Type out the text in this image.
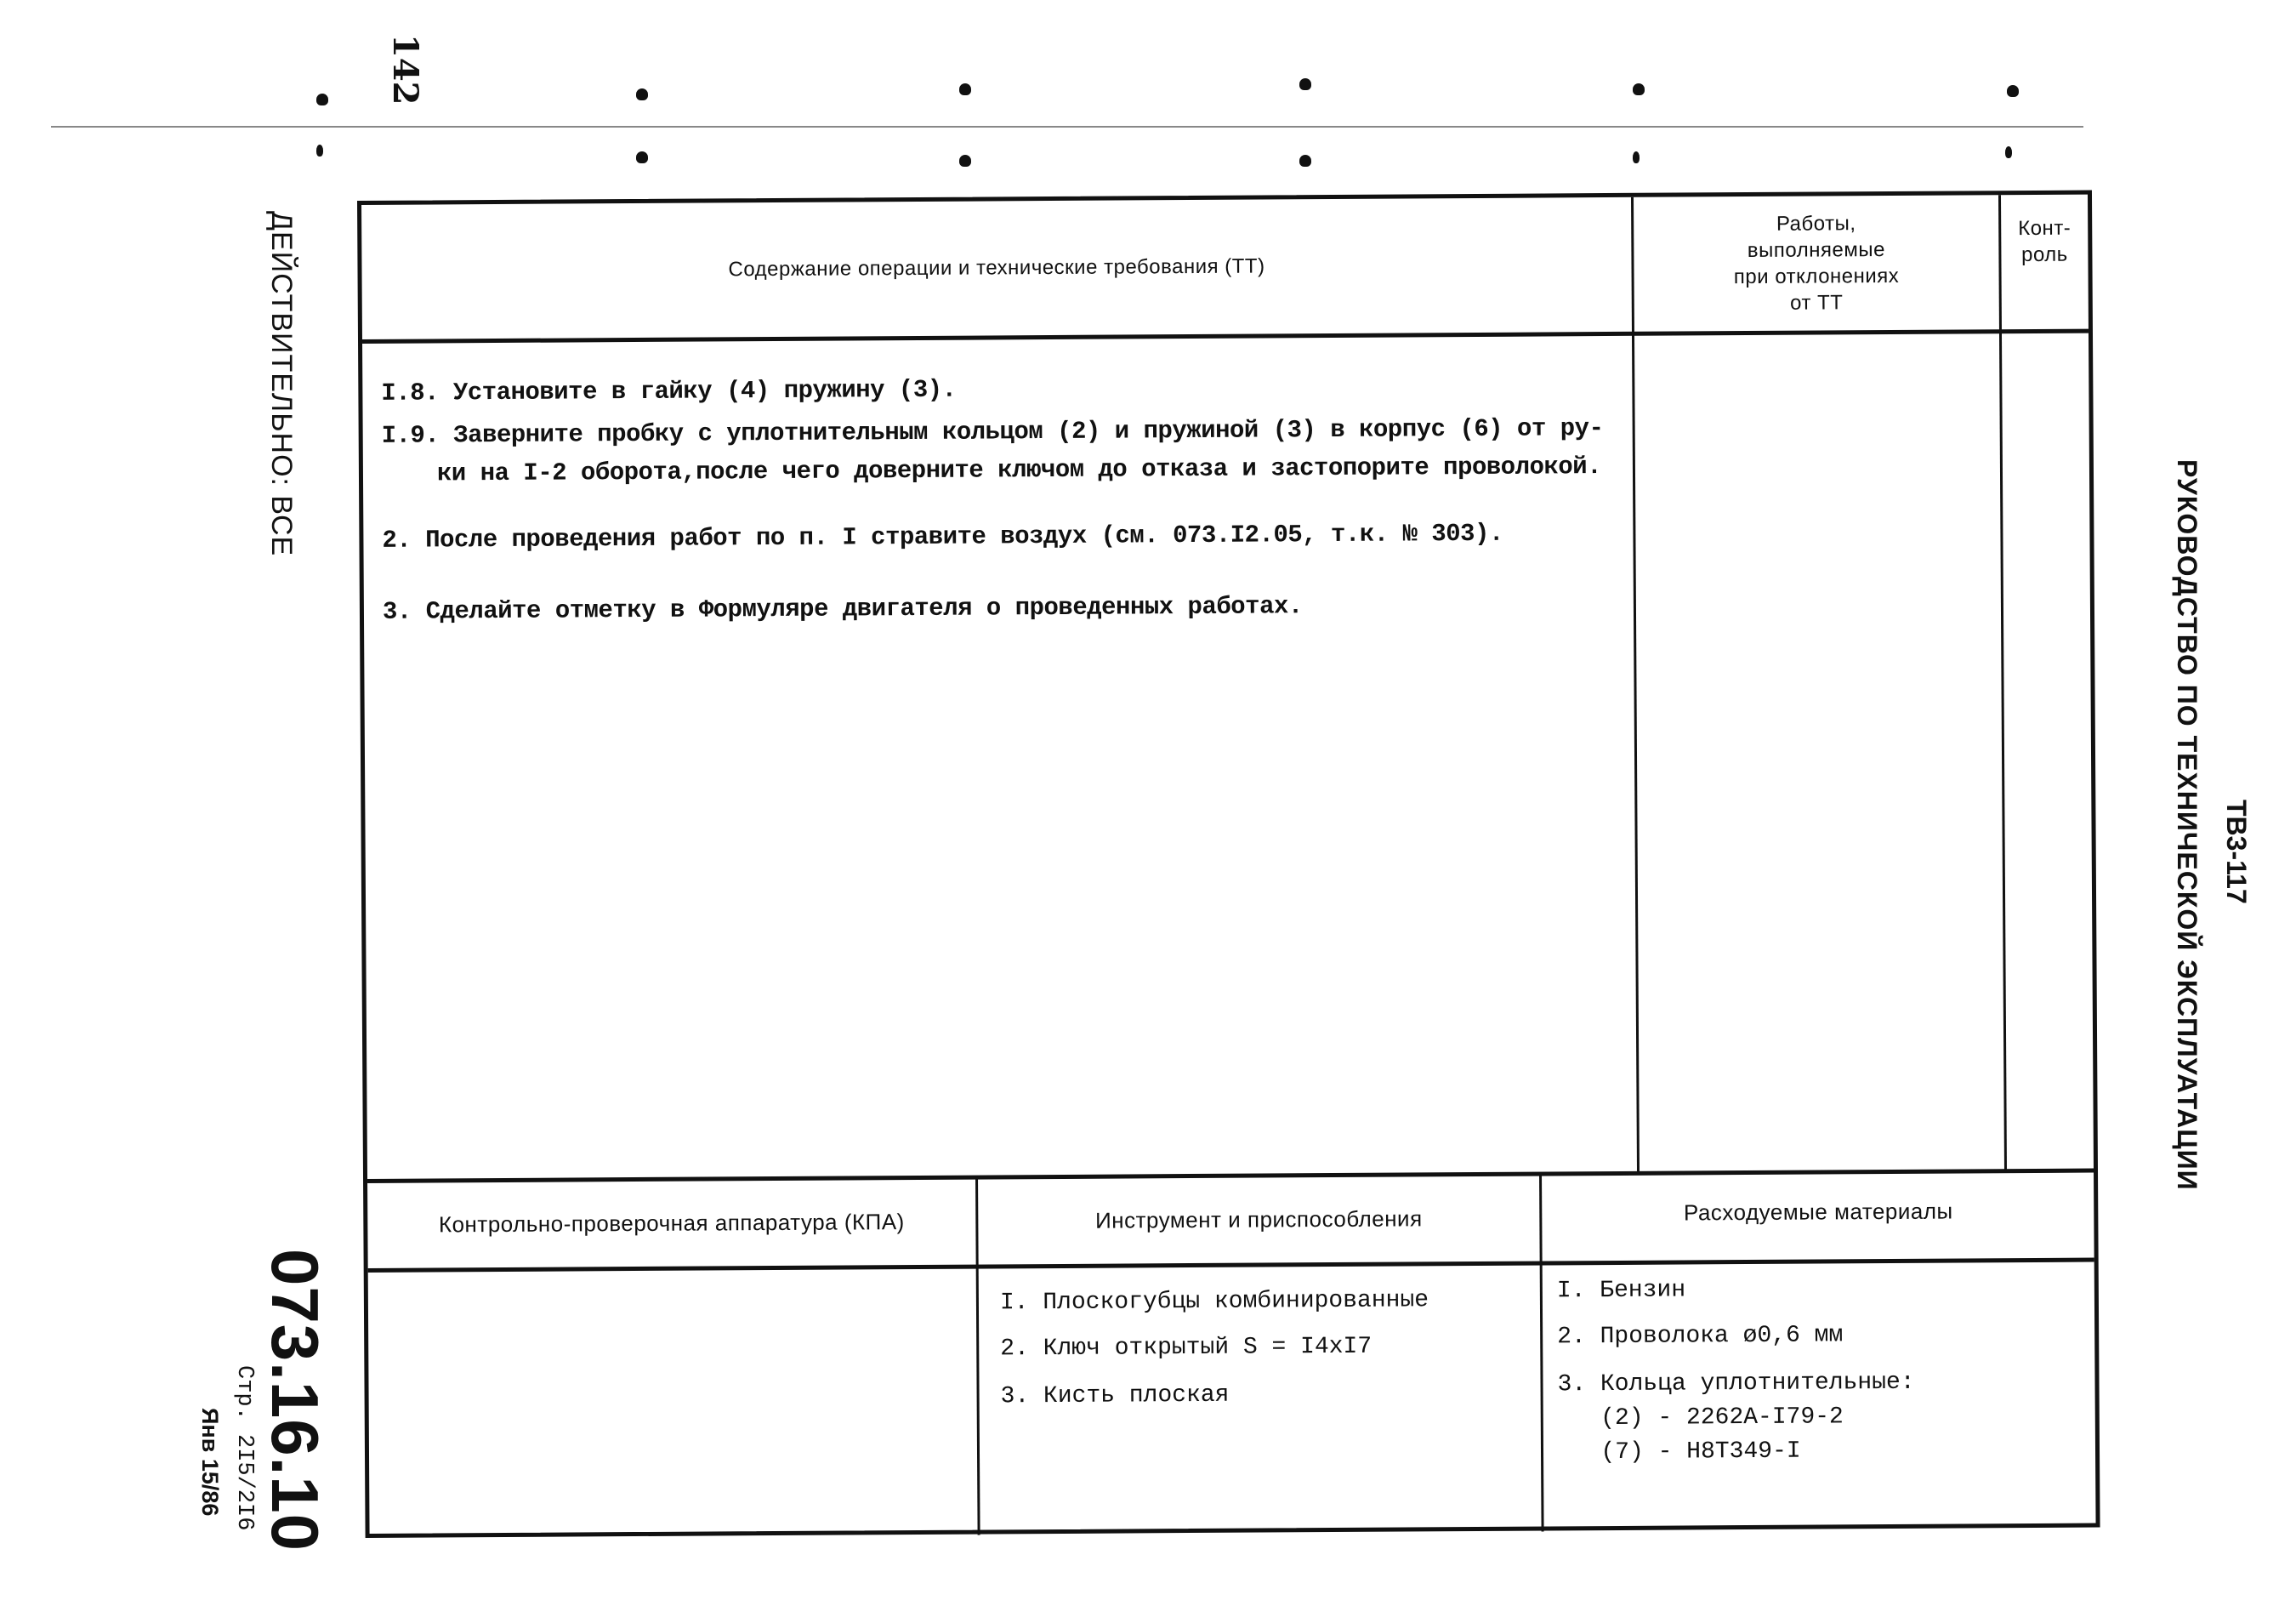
142
ДЕЙСТВИТЕЛЬНО: ВСЕ
073.16.10
Стр. 2I5/2I6
Янв 15/86
РУКОВОДСТВО ПО ТЕХНИЧЕСКОЙ ЭКСПЛУАТАЦИИ ТВ3-117
Содержание операции и технические требования (ТТ)
Работы,
выполняемые
при отклонениях
от ТТ
Конт-
роль
I.8. Установите в гайку (4) пружину (3).
I.9. Заверните пробку с уплотнительным кольцом (2) и пружиной (3) в корпус (6) от ру-
ки на I-2 оборота,после чего доверните ключом до отказа и застопорите проволокой.
2. После проведения работ по п. I стравите воздух (см. 073.I2.05, т.к. № 303).
3. Сделайте отметку в Формуляре двигателя о проведенных работах.
Контрольно-проверочная аппаратура (КПА)	Инструмент и приспособления	Расходуемые материалы
I. Плоскогубцы комбинированные
2. Ключ открытый S = I4xI7
3. Кисть плоская
I. Бензин
2. Проволока ø0,6 мм
3. Кольца уплотнительные:
(2) - 2262А-I79-2
(7) - Н8Т349-I
